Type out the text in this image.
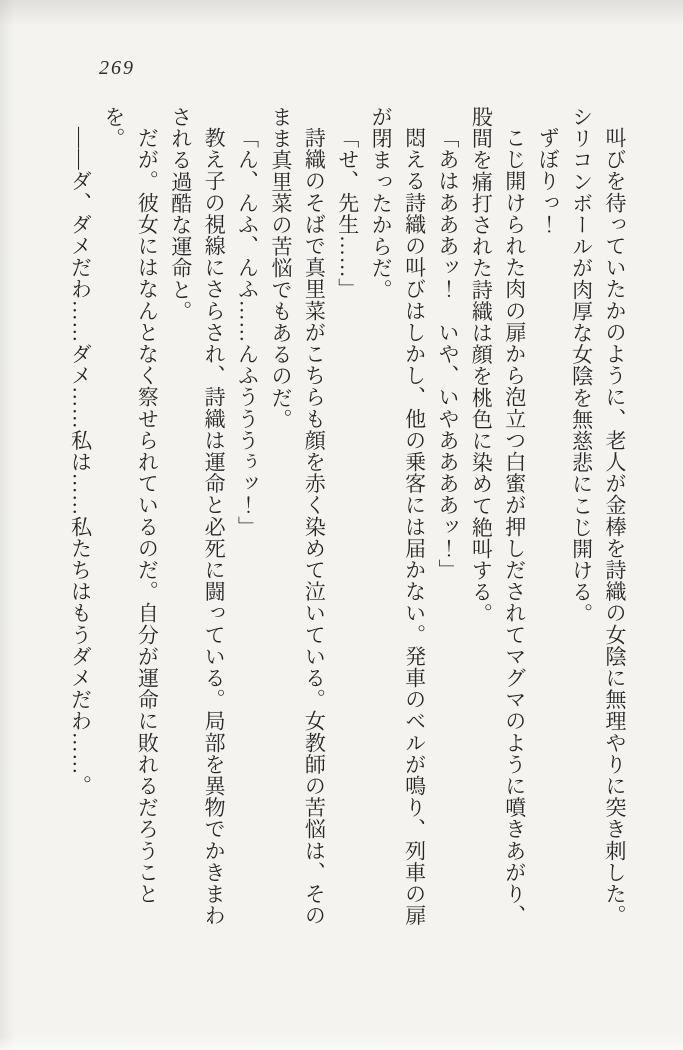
269

叫びを待っていたかのように、老人が金棒を詩織の女陰に無理やりに突き刺した。シリコンボールが肉厚な女陰を無慈悲にこじ開ける。

ずぼりっ！

こじ開けられた肉の扉から泡立つ白蜜が押しだされてマグマのように噴きあがり、股間を痛打された詩織は顔を桃色に染めて絶叫する。

「あはあああッ！　いや、いやああああッ！」

悶える詩織の叫びはしかし、他の乗客には届かない。発車のベルが鳴り、列車の扉が閉まったからだ。

「せ、先生……」

詩織のそばで真里菜がこちらも顔を赤く染めて泣いている。女教師の苦悩は、そのまま真里菜の苦悩でもあるのだ。

「ん、んふ、んふ……んふうううぅッ！」

教え子の視線にさらされ、詩織は運命と必死に闘っている。局部を異物でかきまわされる過酷な運命と。

だが。彼女にはなんとなく察せられているのだ。自分が運命に敗れるだろうことを。

――ダ、ダメだわ……ダメ……私は……私たちはもうダメだわ……。
